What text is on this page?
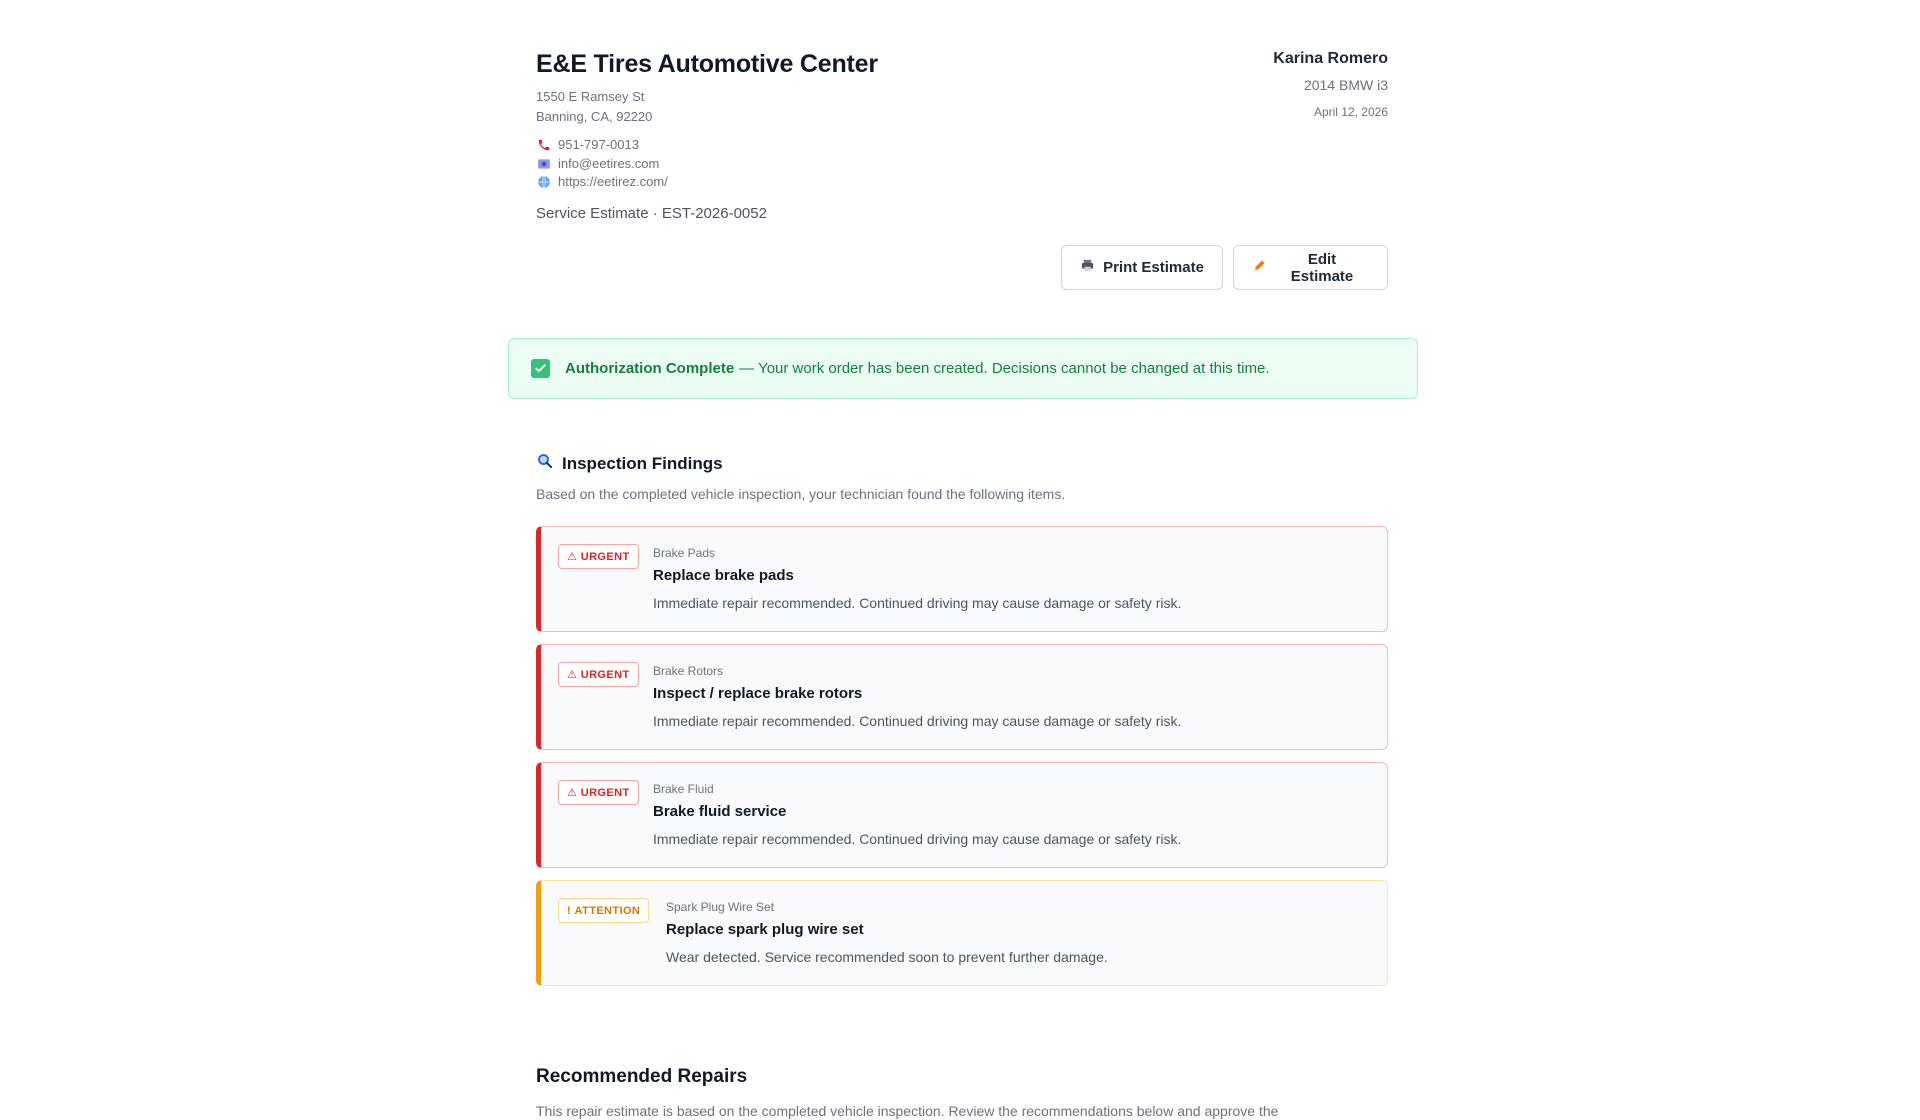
E&E Tires Automotive Center
1550 E Ramsey St
Banning, CA, 92220
951-797-0013
info@eetires.com
https://eetirez.com/
Service Estimate · EST-2026-0052
Karina Romero
2014 BMW i3
April 12, 2026
Print Estimate	Edit Estimate
Inspection Findings
Based on the completed vehicle inspection, your technician found the following items.
⚠
URGENT Brake Pads
Replace brake pads
Immediate repair recommended. Continued driving may cause damage or safety risk.
⚠
URGENT Brake Rotors
Inspect / replace brake rotors
Immediate repair recommended. Continued driving may cause damage or safety risk.
⚠
URGENT Brake Fluid
Brake fluid service
Immediate repair recommended. Continued driving may cause damage or safety risk.
!
ATTENTION Spark Plug Wire Set
Replace spark plug wire set
Wear detected. Service recommended soon to prevent further damage.
Recommended Repairs
This repair estimate is based on the completed vehicle inspection. Review the recommendations below and approve the
Authorization Complete — Your work order has been created. Decisions cannot be changed at this time.
